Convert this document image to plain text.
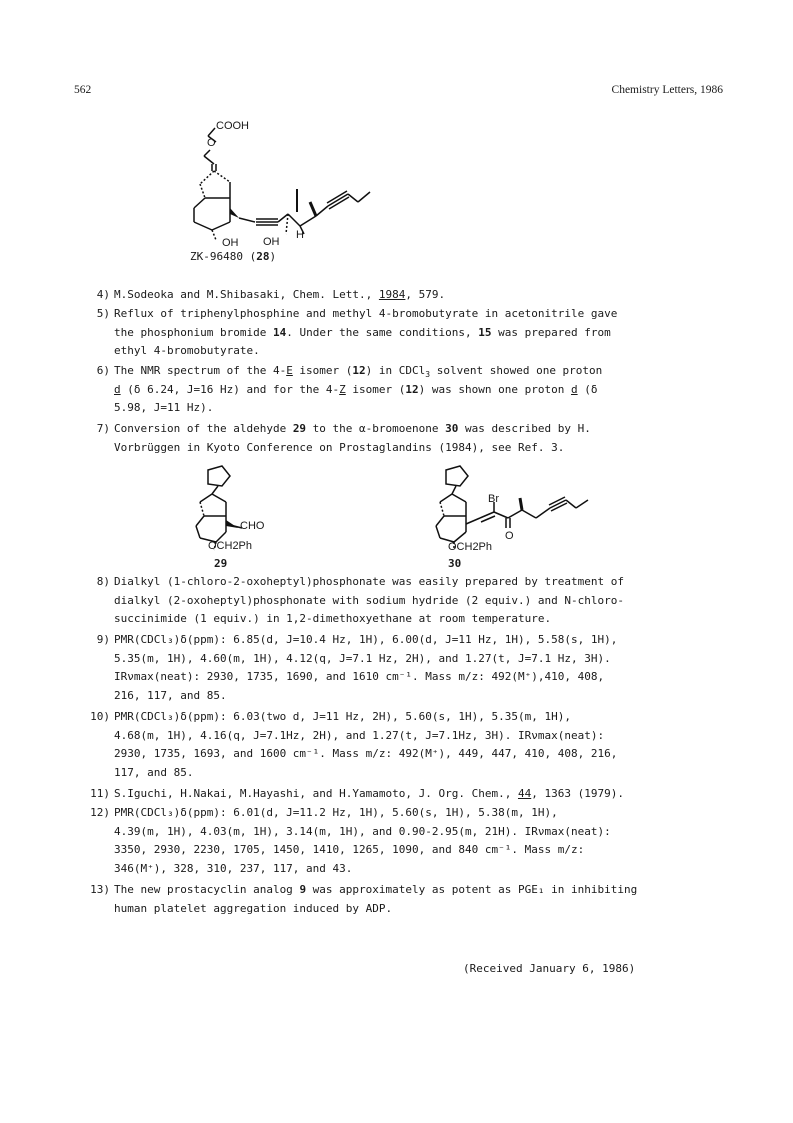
562	Chemistry Letters, 1986
COOH
O
OH OH
H
ZK-96480 (28)
4) M.Sodeoka and M.Shibasaki, Chem. Lett., 1984, 579.
5) Reflux of triphenylphosphine and methyl 4-bromobutyrate in acetonitrile gave
the phosphonium bromide 14. Under the same conditions, 15 was prepared from
ethyl 4-bromobutyrate.
6) The NMR spectrum of the 4-E isomer (12) in CDCl$_3$ solvent showed one proton
d (δ 6.24, J=16 Hz) and for the 4-Z isomer (12) was shown one proton d (δ
5.98, J=11 Hz).
7) Conversion of the aldehyde 29 to the α-bromoenone 30 was described by H.
Vorbrüggen in Kyoto Conference on Prostaglandins (1984), see Ref. 3.
CHO
OCH2Ph
29
Br
O
OCH2Ph
30
8) Dialkyl (1-chloro-2-oxoheptyl)phosphonate was easily prepared by treatment of
dialkyl (2-oxoheptyl)phosphonate with sodium hydride (2 equiv.) and N-chloro-
succinimide (1 equiv.) in 1,2-dimethoxyethane at room temperature.
9) PMR(CDCl₃)δ(ppm): 6.85(d, J=10.4 Hz, 1H), 6.00(d, J=11 Hz, 1H), 5.58(s, 1H),
5.35(m, 1H), 4.60(m, 1H), 4.12(q, J=7.1 Hz, 2H), and 1.27(t, J=7.1 Hz, 3H).
IRνmax(neat): 2930, 1735, 1690, and 1610 cm⁻¹. Mass m/z: 492(M⁺),410, 408,
216, 117, and 85.
10) PMR(CDCl₃)δ(ppm): 6.03(two d, J=11 Hz, 2H), 5.60(s, 1H), 5.35(m, 1H),
4.68(m, 1H), 4.16(q, J=7.1Hz, 2H), and 1.27(t, J=7.1Hz, 3H). IRνmax(neat):
2930, 1735, 1693, and 1600 cm⁻¹. Mass m/z: 492(M⁺), 449, 447, 410, 408, 216,
117, and 85.
11) S.Iguchi, H.Nakai, M.Hayashi, and H.Yamamoto, J. Org. Chem., 44, 1363 (1979).
12) PMR(CDCl₃)δ(ppm): 6.01(d, J=11.2 Hz, 1H), 5.60(s, 1H), 5.38(m, 1H),
4.39(m, 1H), 4.03(m, 1H), 3.14(m, 1H), and 0.90-2.95(m, 21H). IRνmax(neat):
3350, 2930, 2230, 1705, 1450, 1410, 1265, 1090, and 840 cm⁻¹. Mass m/z:
346(M⁺), 328, 310, 237, 117, and 43.
13) The new prostacyclin analog 9 was approximately as potent as PGE₁ in inhibiting
human platelet aggregation induced by ADP.
(Received January 6, 1986)
